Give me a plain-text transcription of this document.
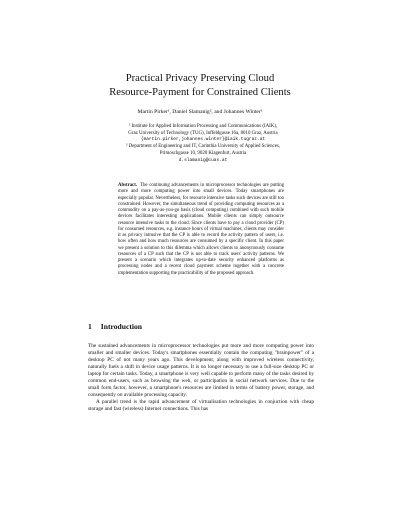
Practical Privacy Preserving Cloud
Resource-Payment for Constrained Clients
Martin Pirker¹, Daniel Slamanig², and Johannes Winter¹
¹ Institute for Applied Information Processing and Communications (IAIK),
Graz University of Technology (TUG), Inffeldgasse 16a, 8010 Graz, Austria
{martin.pirker,johannes.winter}@iaik.tugraz.at
² Department of Engineering and IT, Carinthia University of Applied Sciences,
Primoschgasse 10, 9020 Klagenfurt, Austria
d.slamanig@cuas.at
Abstract. The continuing advancements in microprocessor technologies are putting more and more computing power into small devices. Today smartphones are especially popular. Nevertheless, for resource intensive tasks such devices are still too constrained. However, the simultaneous trend of providing computing resources as a commodity on a pay-as-you-go basis (cloud computing) combined with such mobile devices facilitates interesting applications. Mobile clients can simply outsource resource intensive tasks to the cloud. Since clients have to pay a cloud provider (CP) for consumed resources, e.g. instance hours of virtual machines, clients may consider it as privacy intrusive that the CP is able to record the activity pattern of users, i.e. how often and how much resources are consumed by a specific client. In this paper we present a solution to this dilemma which allows clients to anonymously consume resources of a CP such that the CP is not able to track users' activity patterns. We present a scenario which integrates up-to-date security enhanced platforms as processing nodes and a recent cloud payment scheme together with a concrete implementation supporting the practicability of the proposed approach.
1 Introduction

The sustained advancements in microprocessor technologies put more and more computing power into smaller and smaller devices. Today's smartphones essentially contain the computing "brainpower" of a desktop PC of not many years ago. This development, along with improved wireless connectivity, naturally fuels a shift in device usage patterns. It is no longer necessary to use a full-size desktop PC or laptop for certain tasks. Today, a smartphone is very well capable to perform many of the tasks desired by common end-users, such as browsing the web, or participation in social network services. Due to the small form factor, however, a smartphone's resources are limited in terms of battery power, storage, and consequently on available processing capacity.

A parallel trend is the rapid advancement of virtualisation technologies in conjuction with cheap storage and fast (wireless) Internet connections. This has
